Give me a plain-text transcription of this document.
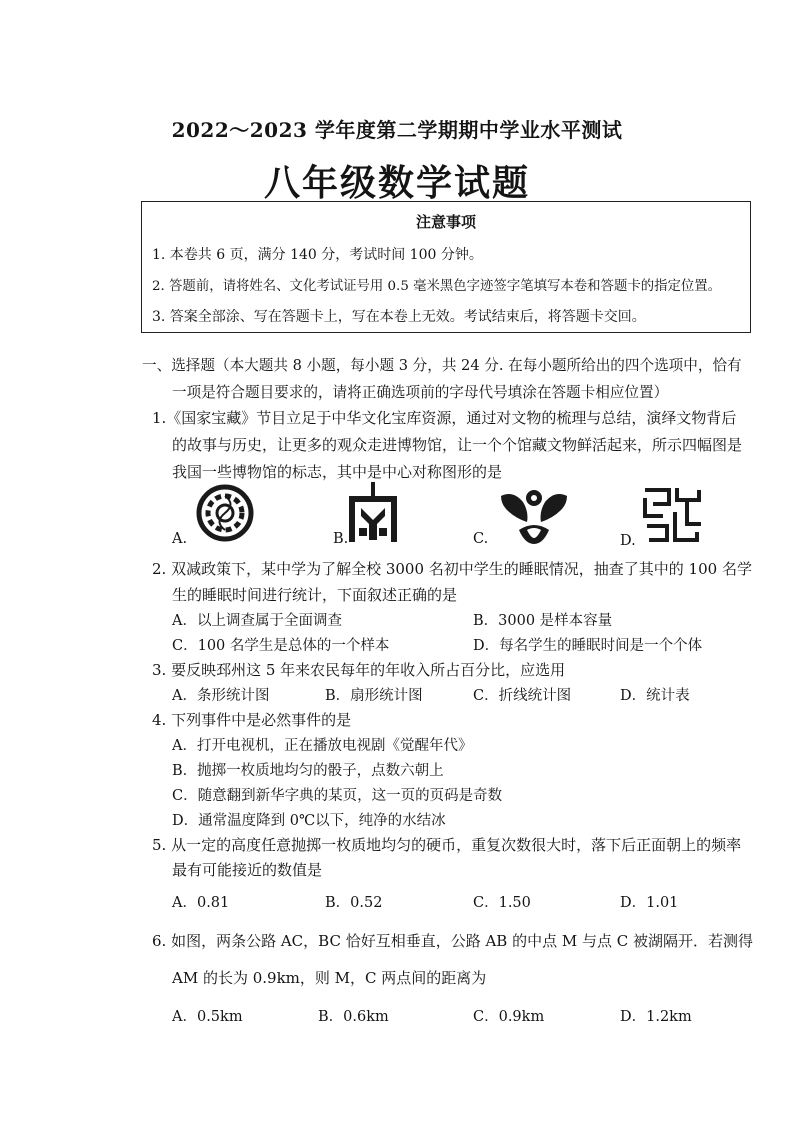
2022～2023 学年度第二学期期中学业水平测试
八年级数学试题
注意事项
1. 本卷共 6 页，满分 140 分，考试时间 100 分钟。
2. 答题前，请将姓名、文化考试证号用 0.5 毫米黑色字迹签字笔填写本卷和答题卡的指定位置。
3. 答案全部涂、写在答题卡上，写在本卷上无效。考试结束后，将答题卡交回。
一、选择题（本大题共 8 小题，每小题 3 分，共 24 分. 在每小题所给出的四个选项中，恰有
一项是符合题目要求的，请将正确选项前的字母代号填涂在答题卡相应位置）
1.《国家宝藏》节目立足于中华文化宝库资源，通过对文物的梳理与总结，演绎文物背后
的故事与历史，让更多的观众走进博物馆，让一个个馆藏文物鲜活起来，所示四幅图是
我国一些博物馆的标志，其中是中心对称图形的是
A.	B.	C.	D.
2. 双减政策下，某中学为了解全校 3000 名初中学生的睡眠情况，抽查了其中的 100 名学
生的睡眠时间进行统计，下面叙述正确的是
A．以上调查属于全面调查	B．3000 是样本容量
C．100 名学生是总体的一个样本	D．每名学生的睡眠时间是一个个体
3. 要反映邳州这 5 年来农民每年的年收入所占百分比，应选用
A．条形统计图	B．扇形统计图	C．折线统计图	D．统计表
4. 下列事件中是必然事件的是
A．打开电视机，正在播放电视剧《觉醒年代》
B．抛掷一枚质地均匀的骰子，点数六朝上
C．随意翻到新华字典的某页，这一页的页码是奇数
D．通常温度降到 0℃以下，纯净的水结冰
5. 从一定的高度任意抛掷一枚质地均匀的硬币，重复次数很大时，落下后正面朝上的频率
最有可能接近的数值是
A．0.81	B．0.52	C．1.50	D．1.01
6. 如图，两条公路 AC，BC 恰好互相垂直，公路 AB 的中点 M 与点 C 被湖隔开．若测得
AM 的长为 0.9km，则 M，C 两点间的距离为
A．0.5km	B．0.6km	C．0.9km	D．1.2km
